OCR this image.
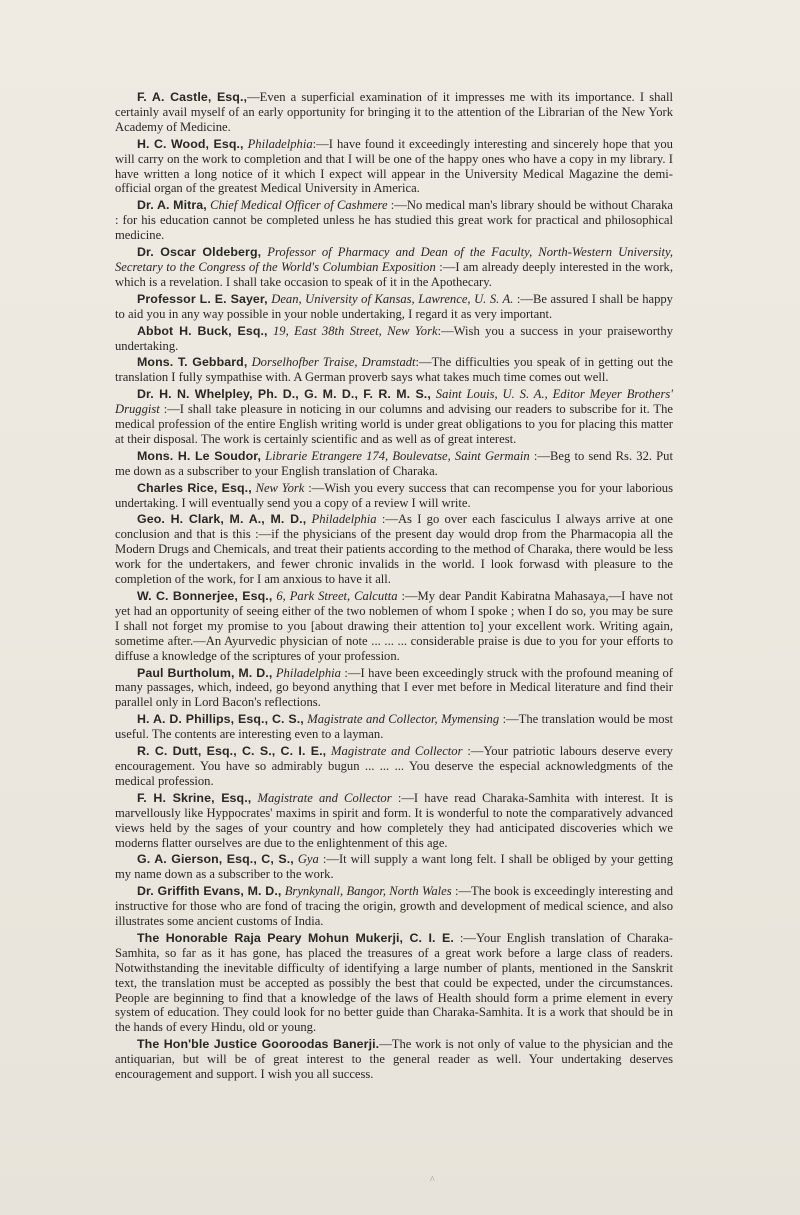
F. A. Castle, Esq.,—Even a superficial examination of it impresses me with its importance. I shall certainly avail myself of an early opportunity for bringing it to the attention of the Librarian of the New York Academy of Medicine.

H. C. Wood, Esq., Philadelphia:—I have found it exceedingly interesting and sincerely hope that you will carry on the work to completion and that I will be one of the happy ones who have a copy in my library. I have written a long notice of it which I expect will appear in the University Medical Magazine the demi-official organ of the greatest Medical University in America.

Dr. A. Mitra, Chief Medical Officer of Cashmere :—No medical man's library should be without Charaka : for his education cannot be completed unless he has studied this great work for practical and philosophical medicine.

Dr. Oscar Oldeberg, Professor of Pharmacy and Dean of the Faculty, North-Western University, Secretary to the Congress of the World's Columbian Exposition :—I am already deeply interested in the work, which is a revelation. I shall take occasion to speak of it in the Apothecary.

Professor L. E. Sayer, Dean, University of Kansas, Lawrence, U. S. A. :—Be assured I shall be happy to aid you in any way possible in your noble undertaking, I regard it as very important.

Abbot H. Buck, Esq., 19, East 38th Street, New York:—Wish you a success in your praiseworthy undertaking.

Mons. T. Gebbard, Dorselhofber Traise, Dramstadt:—The difficulties you speak of in getting out the translation I fully sympathise with. A German proverb says what takes much time comes out well.

Dr. H. N. Whelpley, Ph. D., G. M. D., F. R. M. S., Saint Louis, U. S. A., Editor Meyer Brothers' Druggist :—I shall take pleasure in noticing in our columns and advising our readers to subscribe for it. The medical profession of the entire English writing world is under great obligations to you for placing this matter at their disposal. The work is certainly scientific and as well as of great interest.

Mons. H. Le Soudor, Librarie Etrangere 174, Boulevatse, Saint Germain :—Beg to send Rs. 32. Put me down as a subscriber to your English translation of Charaka.

Charles Rice, Esq., New York :—Wish you every success that can recompense you for your laborious undertaking. I will eventually send you a copy of a review I will write.

Geo. H. Clark, M. A., M. D., Philadelphia :—As I go over each fasciculus I always arrive at one conclusion and that is this :—if the physicians of the present day would drop from the Pharmacopia all the Modern Drugs and Chemicals, and treat their patients according to the method of Charaka, there would be less work for the undertakers, and fewer chronic invalids in the world. I look forwasd with pleasure to the completion of the work, for I am anxious to have it all.

W. C. Bonnerjee, Esq., 6, Park Street, Calcutta :—My dear Pandit Kabiratna Mahasaya,—I have not yet had an opportunity of seeing either of the two noblemen of whom I spoke ; when I do so, you may be sure I shall not forget my promise to you [about drawing their attention to] your excellent work. Writing again, sometime after.—An Ayurvedic physician of note ... ... ... considerable praise is due to you for your efforts to diffuse a knowledge of the scriptures of your profession.

Paul Burtholum, M. D., Philadelphia :—I have been exceedingly struck with the profound meaning of many passages, which, indeed, go beyond anything that I ever met before in Medical literature and find their parallel only in Lord Bacon's reflections.

H. A. D. Phillips, Esq., C. S., Magistrate and Collector, Mymensing :—The translation would be most useful. The contents are interesting even to a layman.

R. C. Dutt, Esq., C. S., C. I. E., Magistrate and Collector :—Your patriotic labours deserve every encouragement. You have so admirably bugun ... ... ... You deserve the especial acknowledgments of the medical profession.

F. H. Skrine, Esq., Magistrate and Collector :—I have read Charaka-Samhita with interest. It is marvellously like Hyppocrates' maxims in spirit and form. It is wonderful to note the comparatively advanced views held by the sages of your country and how completely they had anticipated discoveries which we moderns flatter ourselves are due to the enlightenment of this age.

G. A. Gierson, Esq., C, S., Gya :—It will supply a want long felt. I shall be obliged by your getting my name down as a subscriber to the work.

Dr. Griffith Evans, M. D., Brynkynall, Bangor, North Wales :—The book is exceedingly interesting and instructive for those who are fond of tracing the origin, growth and development of medical science, and also illustrates some ancient customs of India.

The Honorable Raja Peary Mohun Mukerji, C. I. E. :—Your English translation of Charaka-Samhita, so far as it has gone, has placed the treasures of a great work before a large class of readers. Notwithstanding the inevitable difficulty of identifying a large number of plants, mentioned in the Sanskrit text, the translation must be accepted as possibly the best that could be expected, under the circumstances. People are beginning to find that a knowledge of the laws of Health should form a prime element in every system of education. They could look for no better guide than Charaka-Samhita. It is a work that should be in the hands of every Hindu, old or young.

The Hon'ble Justice Gooroodas Banerji.—The work is not only of value to the physician and the antiquarian, but will be of great interest to the general reader as well. Your undertaking deserves encouragement and support. I wish you all success.

^
